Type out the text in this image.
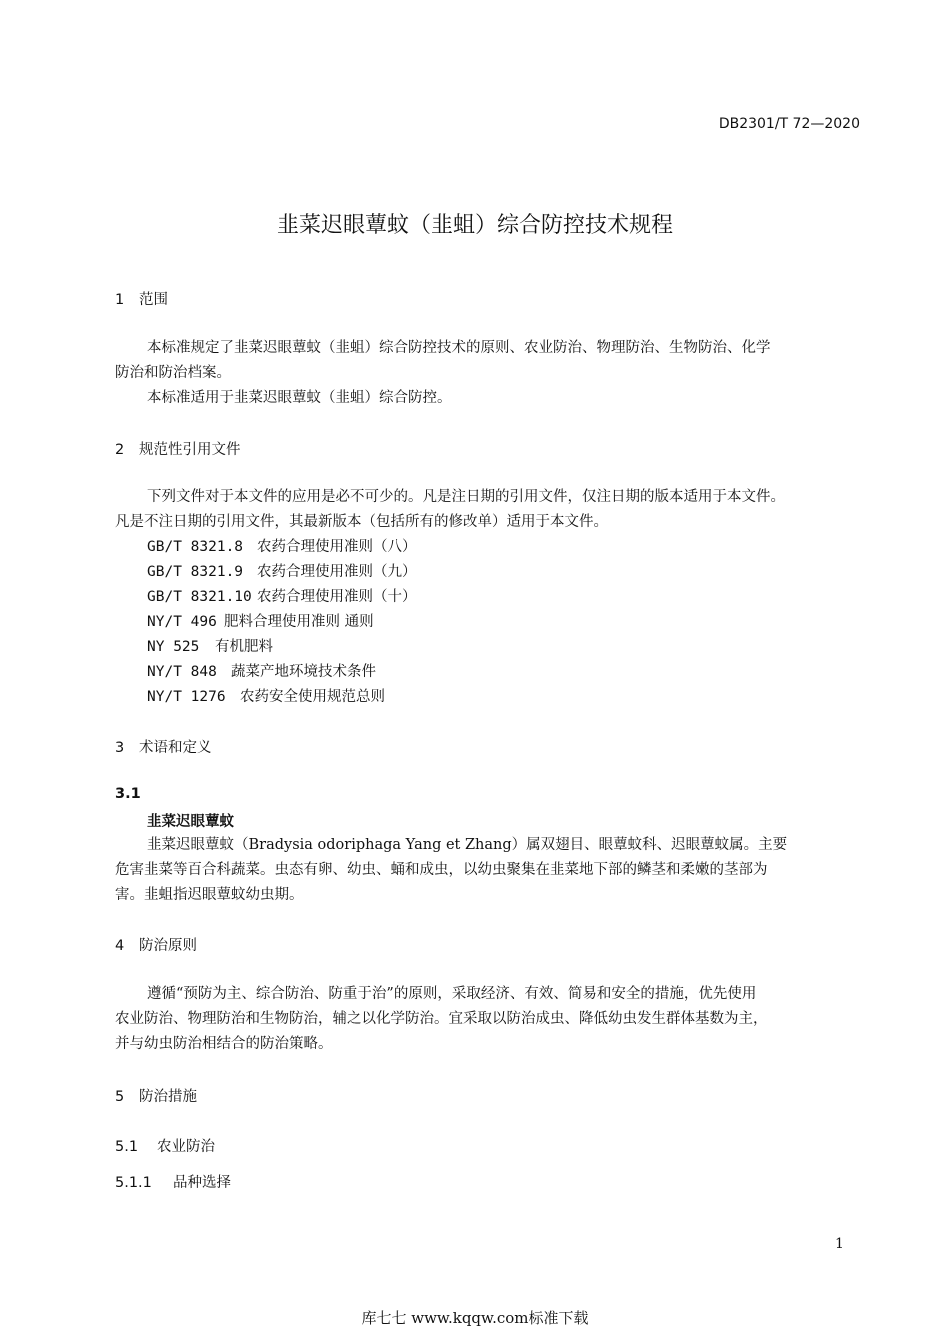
DB2301/T 72—2020
韭菜迟眼蕈蚊（韭蛆）综合防控技术规程
1 范围
本标准规定了韭菜迟眼蕈蚊（韭蛆）综合防控技术的原则、农业防治、物理防治、生物防治、化学
防治和防治档案。
本标准适用于韭菜迟眼蕈蚊（韭蛆）综合防控。
2 规范性引用文件
下列文件对于本文件的应用是必不可少的。凡是注日期的引用文件，仅注日期的版本适用于本文件。
凡是不注日期的引用文件，其最新版本（包括所有的修改单）适用于本文件。
GB/T 8321.8 农药合理使用准则（八）
GB/T 8321.9 农药合理使用准则（九）
GB/T 8321.10 农药合理使用准则（十）
NY/T 496 肥料合理使用准则 通则
NY 525 有机肥料
NY/T 848 蔬菜产地环境技术条件
NY/T 1276 农药安全使用规范总则
3 术语和定义
3.1
韭菜迟眼蕈蚊
韭菜迟眼蕈蚊（Bradysia odoriphaga Yang et Zhang）属双翅目、眼蕈蚊科、迟眼蕈蚊属。主要
危害韭菜等百合科蔬菜。虫态有卵、幼虫、蛹和成虫，以幼虫聚集在韭菜地下部的鳞茎和柔嫩的茎部为
害。韭蛆指迟眼蕈蚊幼虫期。
4 防治原则
遵循“预防为主、综合防治、防重于治”的原则，采取经济、有效、简易和安全的措施，优先使用
农业防治、物理防治和生物防治，辅之以化学防治。宜采取以防治成虫、降低幼虫发生群体基数为主，
并与幼虫防治相结合的防治策略。
5 防治措施
5.1 农业防治
5.1.1 品种选择
1
库七七 www.kqqw.com标准下载
